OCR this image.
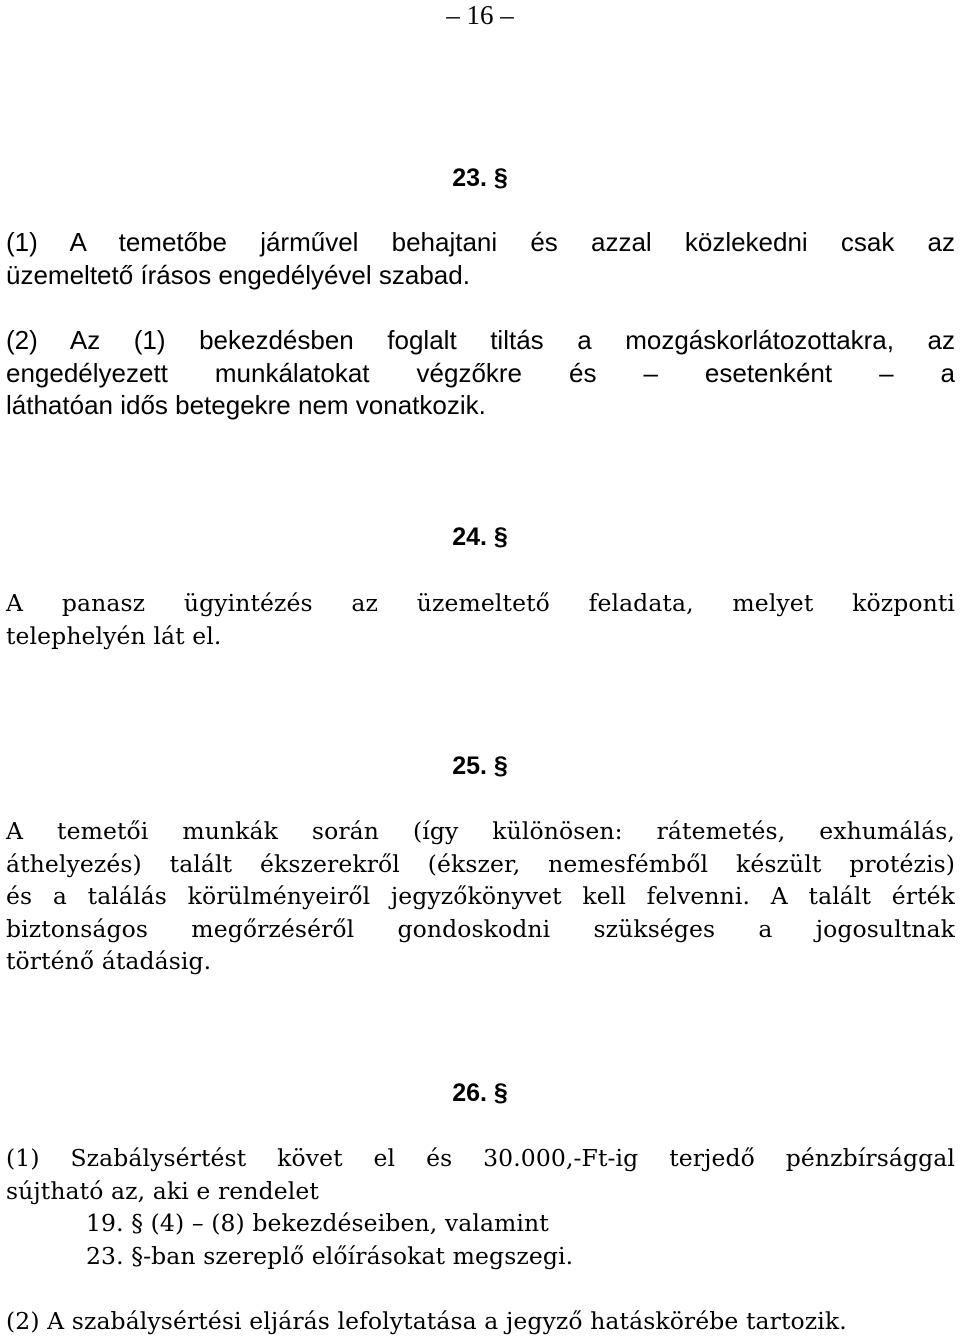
– 16 –
23. §
(1) A temetőbe járművel behajtani és azzal közlekedni csak az
üzemeltető írásos engedélyével szabad.
(2) Az (1) bekezdésben foglalt tiltás a mozgáskorlátozottakra, az
engedélyezett munkálatokat végzőkre és – esetenként – a
láthatóan idős betegekre nem vonatkozik.
24. §
A panasz ügyintézés az üzemeltető feladata, melyet központi
telephelyén lát el.
25. §
A temetői munkák során (így különösen: rátemetés, exhumálás,
áthelyezés) talált ékszerekről (ékszer, nemesfémből készült protézis)
és a találás körülményeiről jegyzőkönyvet kell felvenni. A talált érték
biztonságos megőrzéséről gondoskodni szükséges a jogosultnak
történő átadásig.
26. §
(1) Szabálysértést követ el és 30.000,-Ft-ig terjedő pénzbírsággal
sújtható az, aki e rendelet
19. § (4) – (8) bekezdéseiben, valamint
23. §-ban szereplő előírásokat megszegi.
(2) A szabálysértési eljárás lefolytatása a jegyző hatáskörébe tartozik.
